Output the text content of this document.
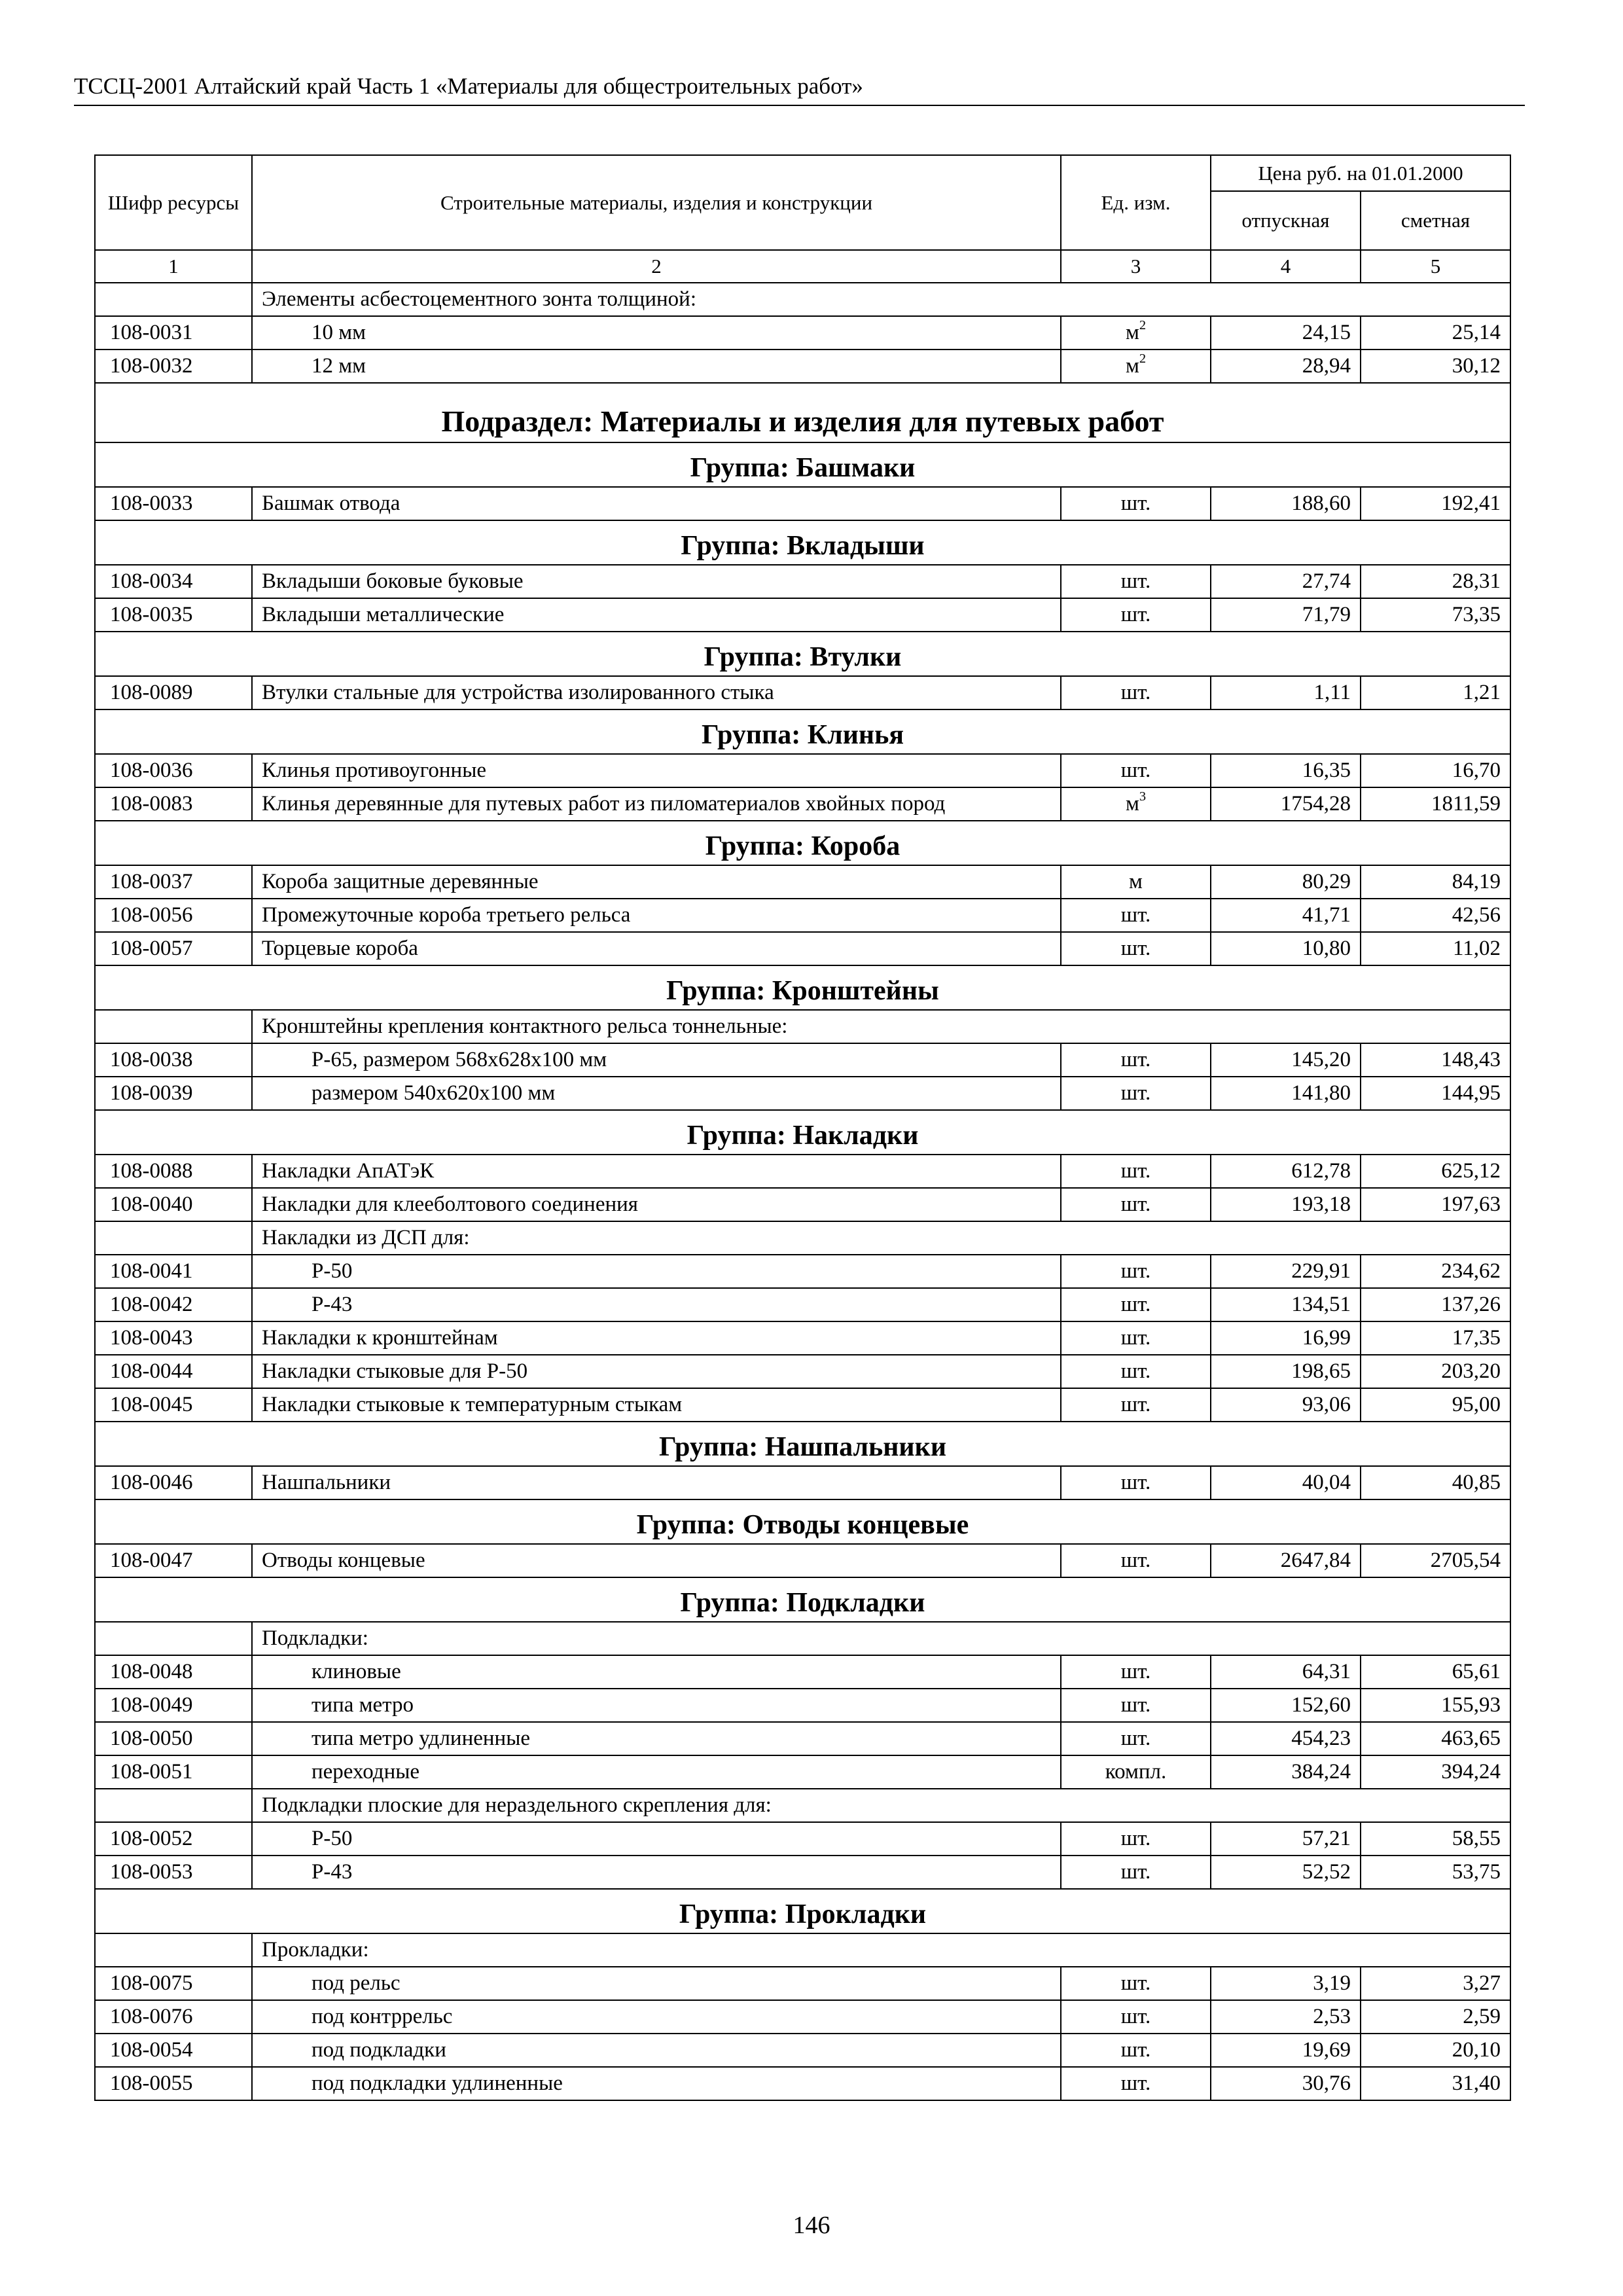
ТССЦ-2001 Алтайский край Часть 1 «Материалы для общестроительных работ»
Шифр ресурсы	Строительные материалы, изделия и конструкции	Ед. изм.	Цена руб. на 01.01.2000	
			отпускная	сметная
1	2	3	4	5
	Элементы асбестоцементного зонта толщиной:			
108-0031	10 мм	$м^2$	24,15	25,14
108-0032	12 мм	$м^2$	28,94	30,12
Подраздел: Материалы и изделия для путевых работ				
Группа: Башмаки				
108-0033	Башмак отвода	шт.	188,60	192,41
Группа: Вкладыши				
108-0034	Вкладыши боковые буковые	шт.	27,74	28,31
108-0035	Вкладыши металлические	шт.	71,79	73,35
Группа: Втулки				
108-0089	Втулки стальные для устройства изолированного стыка	шт.	1,11	1,21
Группа: Клинья				
108-0036	Клинья противоугонные	шт.	16,35	16,70
108-0083	Клинья деревянные для путевых работ из пиломатериалов хвойных пород	$м^3$	1754,28	1811,59
Группа: Короба				
108-0037	Короба защитные деревянные	м	80,29	84,19
108-0056	Промежуточные короба третьего рельса	шт.	41,71	42,56
108-0057	Торцевые короба	шт.	10,80	11,02
Группа: Кронштейны				
	Кронштейны крепления контактного рельса тоннельные:			
108-0038	Р-65, размером 568х628х100 мм	шт.	145,20	148,43
108-0039	размером 540х620х100 мм	шт.	141,80	144,95
Группа: Накладки				
108-0088	Накладки АпАТэК	шт.	612,78	625,12
108-0040	Накладки для клееболтового соединения	шт.	193,18	197,63
	Накладки из ДСП для:			
108-0041	Р-50	шт.	229,91	234,62
108-0042	Р-43	шт.	134,51	137,26
108-0043	Накладки к кронштейнам	шт.	16,99	17,35
108-0044	Накладки стыковые для Р-50	шт.	198,65	203,20
108-0045	Накладки стыковые к температурным стыкам	шт.	93,06	95,00
Группа: Нашпальники				
108-0046	Нашпальники	шт.	40,04	40,85
Группа: Отводы концевые				
108-0047	Отводы концевые	шт.	2647,84	2705,54
Группа: Подкладки				
	Подкладки:			
108-0048	клиновые	шт.	64,31	65,61
108-0049	типа метро	шт.	152,60	155,93
108-0050	типа метро удлиненные	шт.	454,23	463,65
108-0051	переходные	компл.	384,24	394,24
	Подкладки плоские для нераздельного скрепления для:			
108-0052	Р-50	шт.	57,21	58,55
108-0053	Р-43	шт.	52,52	53,75
Группа: Прокладки				
	Прокладки:			
108-0075	под рельс	шт.	3,19	3,27
108-0076	под контррельс	шт.	2,53	2,59
108-0054	под подкладки	шт.	19,69	20,10
108-0055	под подкладки удлиненные	шт.	30,76	31,40
146
